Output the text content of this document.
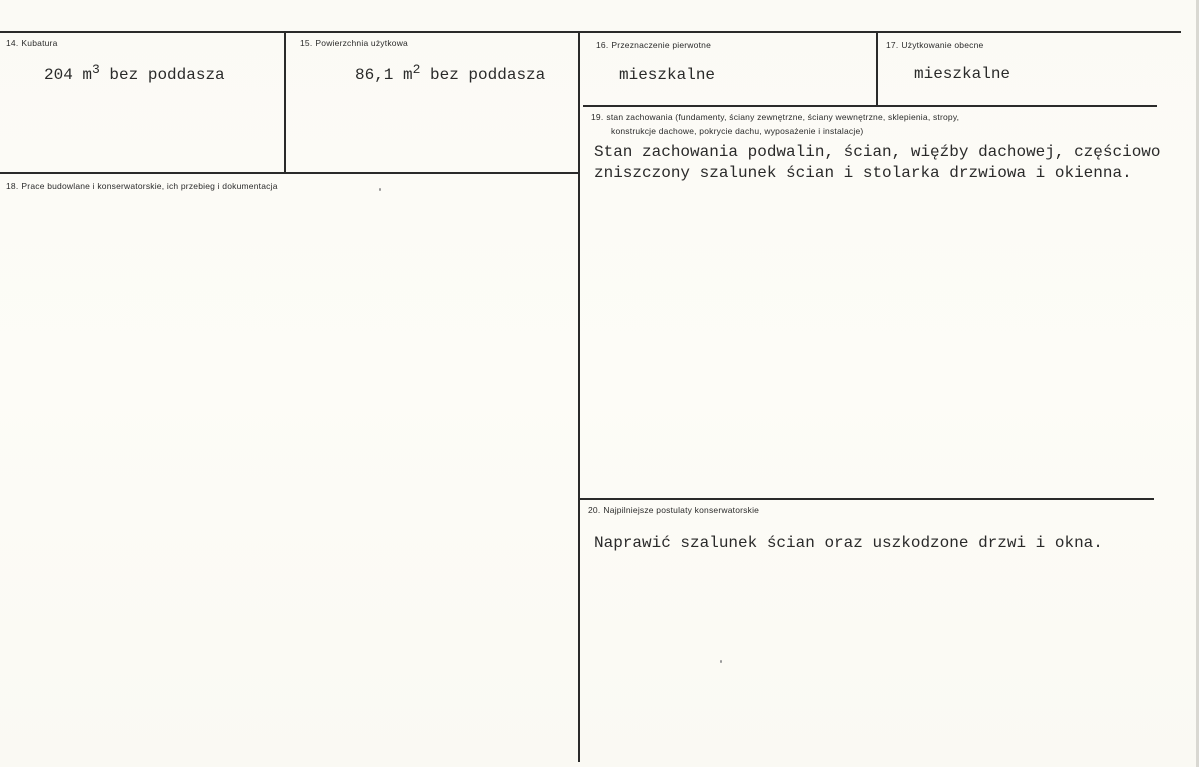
14. Kubatura
204 $m^3$ bez poddasza
15. Powierzchnia użytkowa
86,1 $m^2$ bez poddasza
16. Przeznaczenie pierwotne
mieszkalne
17. Użytkowanie obecne
mieszkalne
18. Prace budowlane i konserwatorskie, ich przebieg i dokumentacja
19. stan zachowania (fundamenty, ściany zewnętrzne, ściany wewnętrzne, sklepienia, stropy,
konstrukcje dachowe, pokrycie dachu, wyposażenie i instalacje)
Stan zachowania podwalin, ścian, więźby dachowej, częściowo
zniszczony szalunek ścian i stolarka drzwiowa i okienna.
20. Najpilniejsze postulaty konserwatorskie
Naprawić szalunek ścian oraz uszkodzone drzwi i okna.
